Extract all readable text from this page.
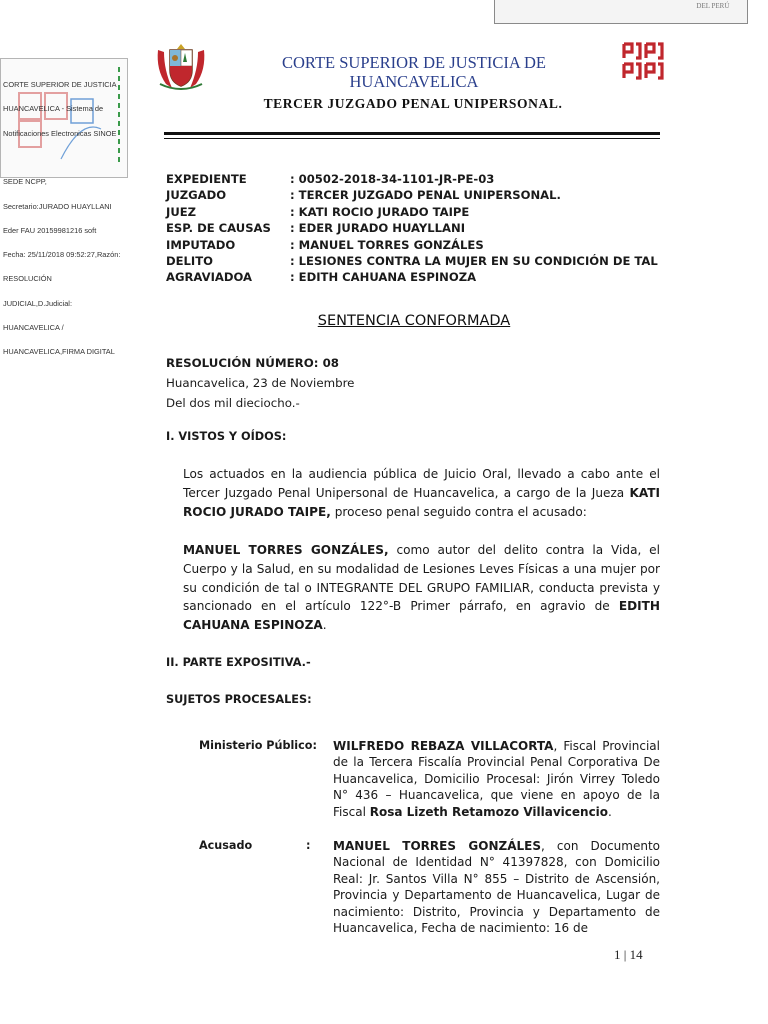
DEL PERÚ

CORTE SUPERIOR DE JUSTICIA

HUANCAVELICA - Sistema de

Notificaciones Electronicas SINOE

SEDE NCPP,

Secretario:JURADO HUAYLLANI

Eder FAU 20159981216 soft

Fecha: 25/11/2018 09:52:27,Razón:

RESOLUCIÓN

JUDICIAL,D.Judicial:

HUANCAVELICA /

HUANCAVELICA,FIRMA DIGITAL

CORTE SUPERIOR DE JUSTICIA DE
HUANCAVELICA
TERCER JUZGADO PENAL UNIPERSONAL.
EXPEDIENTE	: 00502-2018-34-1101-JR-PE-03
JUZGADO	: TERCER JUZGADO PENAL UNIPERSONAL.
JUEZ	: KATI ROCIO JURADO TAIPE
ESP. DE CAUSAS : EDER JURADO HUAYLLANI
IMPUTADO	: MANUEL TORRES GONZÁLES
DELITO	: LESIONES CONTRA LA MUJER EN SU CONDICIÓN DE TAL
AGRAVIADOA	: EDITH CAHUANA ESPINOZA
SENTENCIA CONFORMADA
RESOLUCIÓN NÚMERO: 08
Huancavelica, 23 de Noviembre
Del dos mil dieciocho.-
I. VISTOS Y OÍDOS:
Los actuados en la audiencia pública de Juicio Oral, llevado a cabo ante el Tercer Juzgado Penal Unipersonal de Huancavelica, a cargo de la Jueza KATI ROCIO JURADO TAIPE, proceso penal seguido contra el acusado:
MANUEL TORRES GONZÁLES, como autor del delito contra la Vida, el Cuerpo y la Salud, en su modalidad de Lesiones Leves Físicas a una mujer por su condición de tal o INTEGRANTE DEL GRUPO FAMILIAR, conducta prevista y sancionado en el artículo 122°-B Primer párrafo, en agravio de EDITH CAHUANA ESPINOZA.
II. PARTE EXPOSITIVA.-
SUJETOS PROCESALES:
Ministerio Público: WILFREDO REBAZA VILLACORTA, Fiscal Provincial de la Tercera Fiscalía Provincial Penal Corporativa De Huancavelica, Domicilio Procesal: Jirón Virrey Toledo N° 436 – Huancavelica, que viene en apoyo de la Fiscal Rosa Lizeth Retamozo Villavicencio.
Acusado	: MANUEL TORRES GONZÁLES, con Documento Nacional de Identidad N° 41397828, con Domicilio Real: Jr. Santos Villa N° 855 – Distrito de Ascensión, Provincia y Departamento de Huancavelica, Lugar de nacimiento: Distrito, Provincia y Departamento de Huancavelica, Fecha de nacimiento: 16 de
1 | 14
